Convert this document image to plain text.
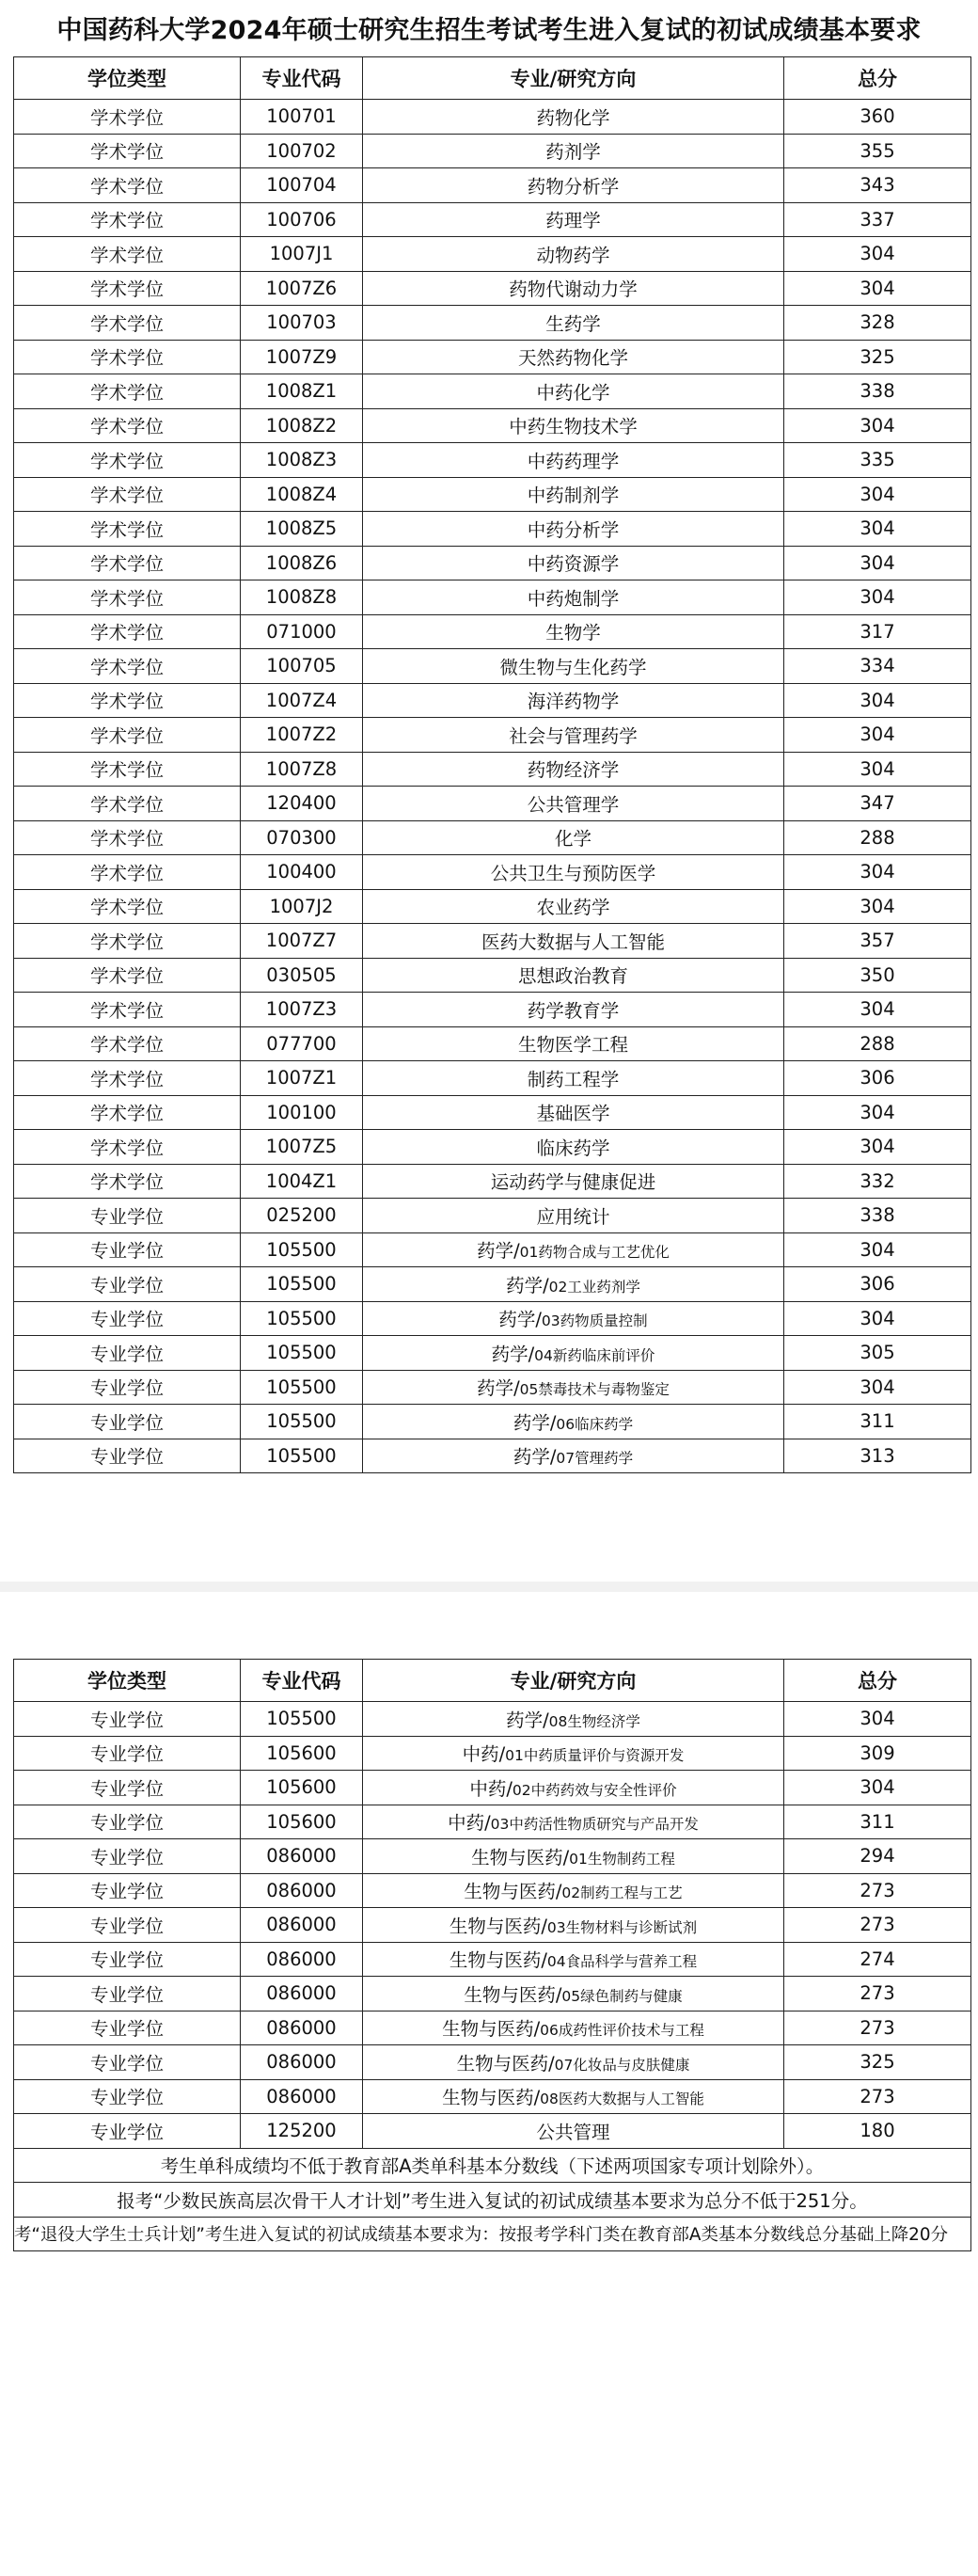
中国药科大学2024年硕士研究生招生考试考生进入复试的初试成绩基本要求
学位类型	专业代码	专业/研究方向	总分
学术学位	100701	药物化学	360
学术学位	100702	药剂学	355
学术学位	100704	药物分析学	343
学术学位	100706	药理学	337
学术学位	1007J1	动物药学	304
学术学位	1007Z6	药物代谢动力学	304
学术学位	100703	生药学	328
学术学位	1007Z9	天然药物化学	325
学术学位	1008Z1	中药化学	338
学术学位	1008Z2	中药生物技术学	304
学术学位	1008Z3	中药药理学	335
学术学位	1008Z4	中药制剂学	304
学术学位	1008Z5	中药分析学	304
学术学位	1008Z6	中药资源学	304
学术学位	1008Z8	中药炮制学	304
学术学位	071000	生物学	317
学术学位	100705	微生物与生化药学	334
学术学位	1007Z4	海洋药物学	304
学术学位	1007Z2	社会与管理药学	304
学术学位	1007Z8	药物经济学	304
学术学位	120400	公共管理学	347
学术学位	070300	化学	288
学术学位	100400	公共卫生与预防医学	304
学术学位	1007J2	农业药学	304
学术学位	1007Z7	医药大数据与人工智能	357
学术学位	030505	思想政治教育	350
学术学位	1007Z3	药学教育学	304
学术学位	077700	生物医学工程	288
学术学位	1007Z1	制药工程学	306
学术学位	100100	基础医学	304
学术学位	1007Z5	临床药学	304
学术学位	1004Z1	运动药学与健康促进	332
专业学位	025200	应用统计	338
专业学位	105500	药学/01药物合成与工艺优化	304
专业学位	105500	药学/02工业药剂学	306
专业学位	105500	药学/03药物质量控制	304
专业学位	105500	药学/04新药临床前评价	305
专业学位	105500	药学/05禁毒技术与毒物鉴定	304
专业学位	105500	药学/06临床药学	311
专业学位	105500	药学/07管理药学	313
学位类型	专业代码	专业/研究方向	总分
专业学位	105500	药学/08生物经济学	304
专业学位	105600	中药/01中药质量评价与资源开发	309
专业学位	105600	中药/02中药药效与安全性评价	304
专业学位	105600	中药/03中药活性物质研究与产品开发	311
专业学位	086000	生物与医药/01生物制药工程	294
专业学位	086000	生物与医药/02制药工程与工艺	273
专业学位	086000	生物与医药/03生物材料与诊断试剂	273
专业学位	086000	生物与医药/04食品科学与营养工程	274
专业学位	086000	生物与医药/05绿色制药与健康	273
专业学位	086000	生物与医药/06成药性评价技术与工程	273
专业学位	086000	生物与医药/07化妆品与皮肤健康	325
专业学位	086000	生物与医药/08医药大数据与人工智能	273
专业学位	125200	公共管理	180
考生单科成绩均不低于教育部A类单科基本分数线（下述两项国家专项计划除外）。			
报考“少数民族高层次骨干人才计划”考生进入复试的初试成绩基本要求为总分不低于251分。			
考“退役大学生士兵计划”考生进入复试的初试成绩基本要求为：按报考学科门类在教育部A类基本分数线总分基础上降20分			
